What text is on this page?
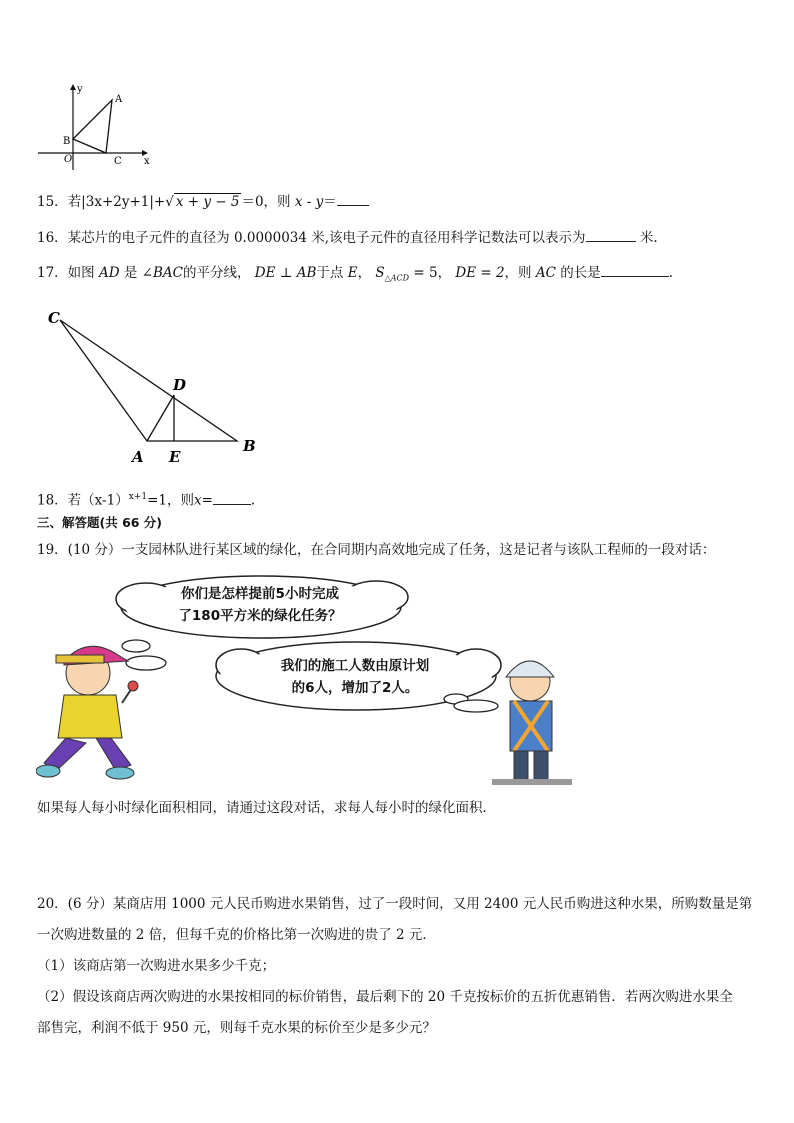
y
x
A
B
C
O
15．若|3x+2y+1|+√ x + y − 5 ＝0，则 x - y＝
16．某芯片的电子元件的直径为 0.0000034 米,该电子元件的直径用科学记数法可以表示为	米.
17．如图 AD 是 ∠BAC的平分线， DE ⊥ AB于点 E， $S_{\triangle ACD} = 5$， DE = 2，则 AC 的长是	.
C
D
A E
B
18．若$(x-1)^{x+1}=1$，则x=	.
三、解答题(共 66 分)
19．(10 分）一支园林队进行某区域的绿化，在合同期内高效地完成了任务，这是记者与该队工程师的一段对话：
你们是怎样提前5小时完成
了180平方米的绿化任务？
我们的施工人数由原计划
的6人，增加了2人。
如果每人每小时绿化面积相同，请通过这段对话，求每人每小时的绿化面积．
20．(6 分）某商店用 1000 元人民币购进水果销售，过了一段时间，又用 2400 元人民币购进这种水果，所购数量是第
一次购进数量的 2 倍，但每千克的价格比第一次购进的贵了 2 元．
（1）该商店第一次购进水果多少千克；
（2）假设该商店两次购进的水果按相同的标价销售，最后剩下的 20 千克按标价的五折优惠销售．若两次购进水果全
部售完，利润不低于 950 元，则每千克水果的标价至少是多少元？
